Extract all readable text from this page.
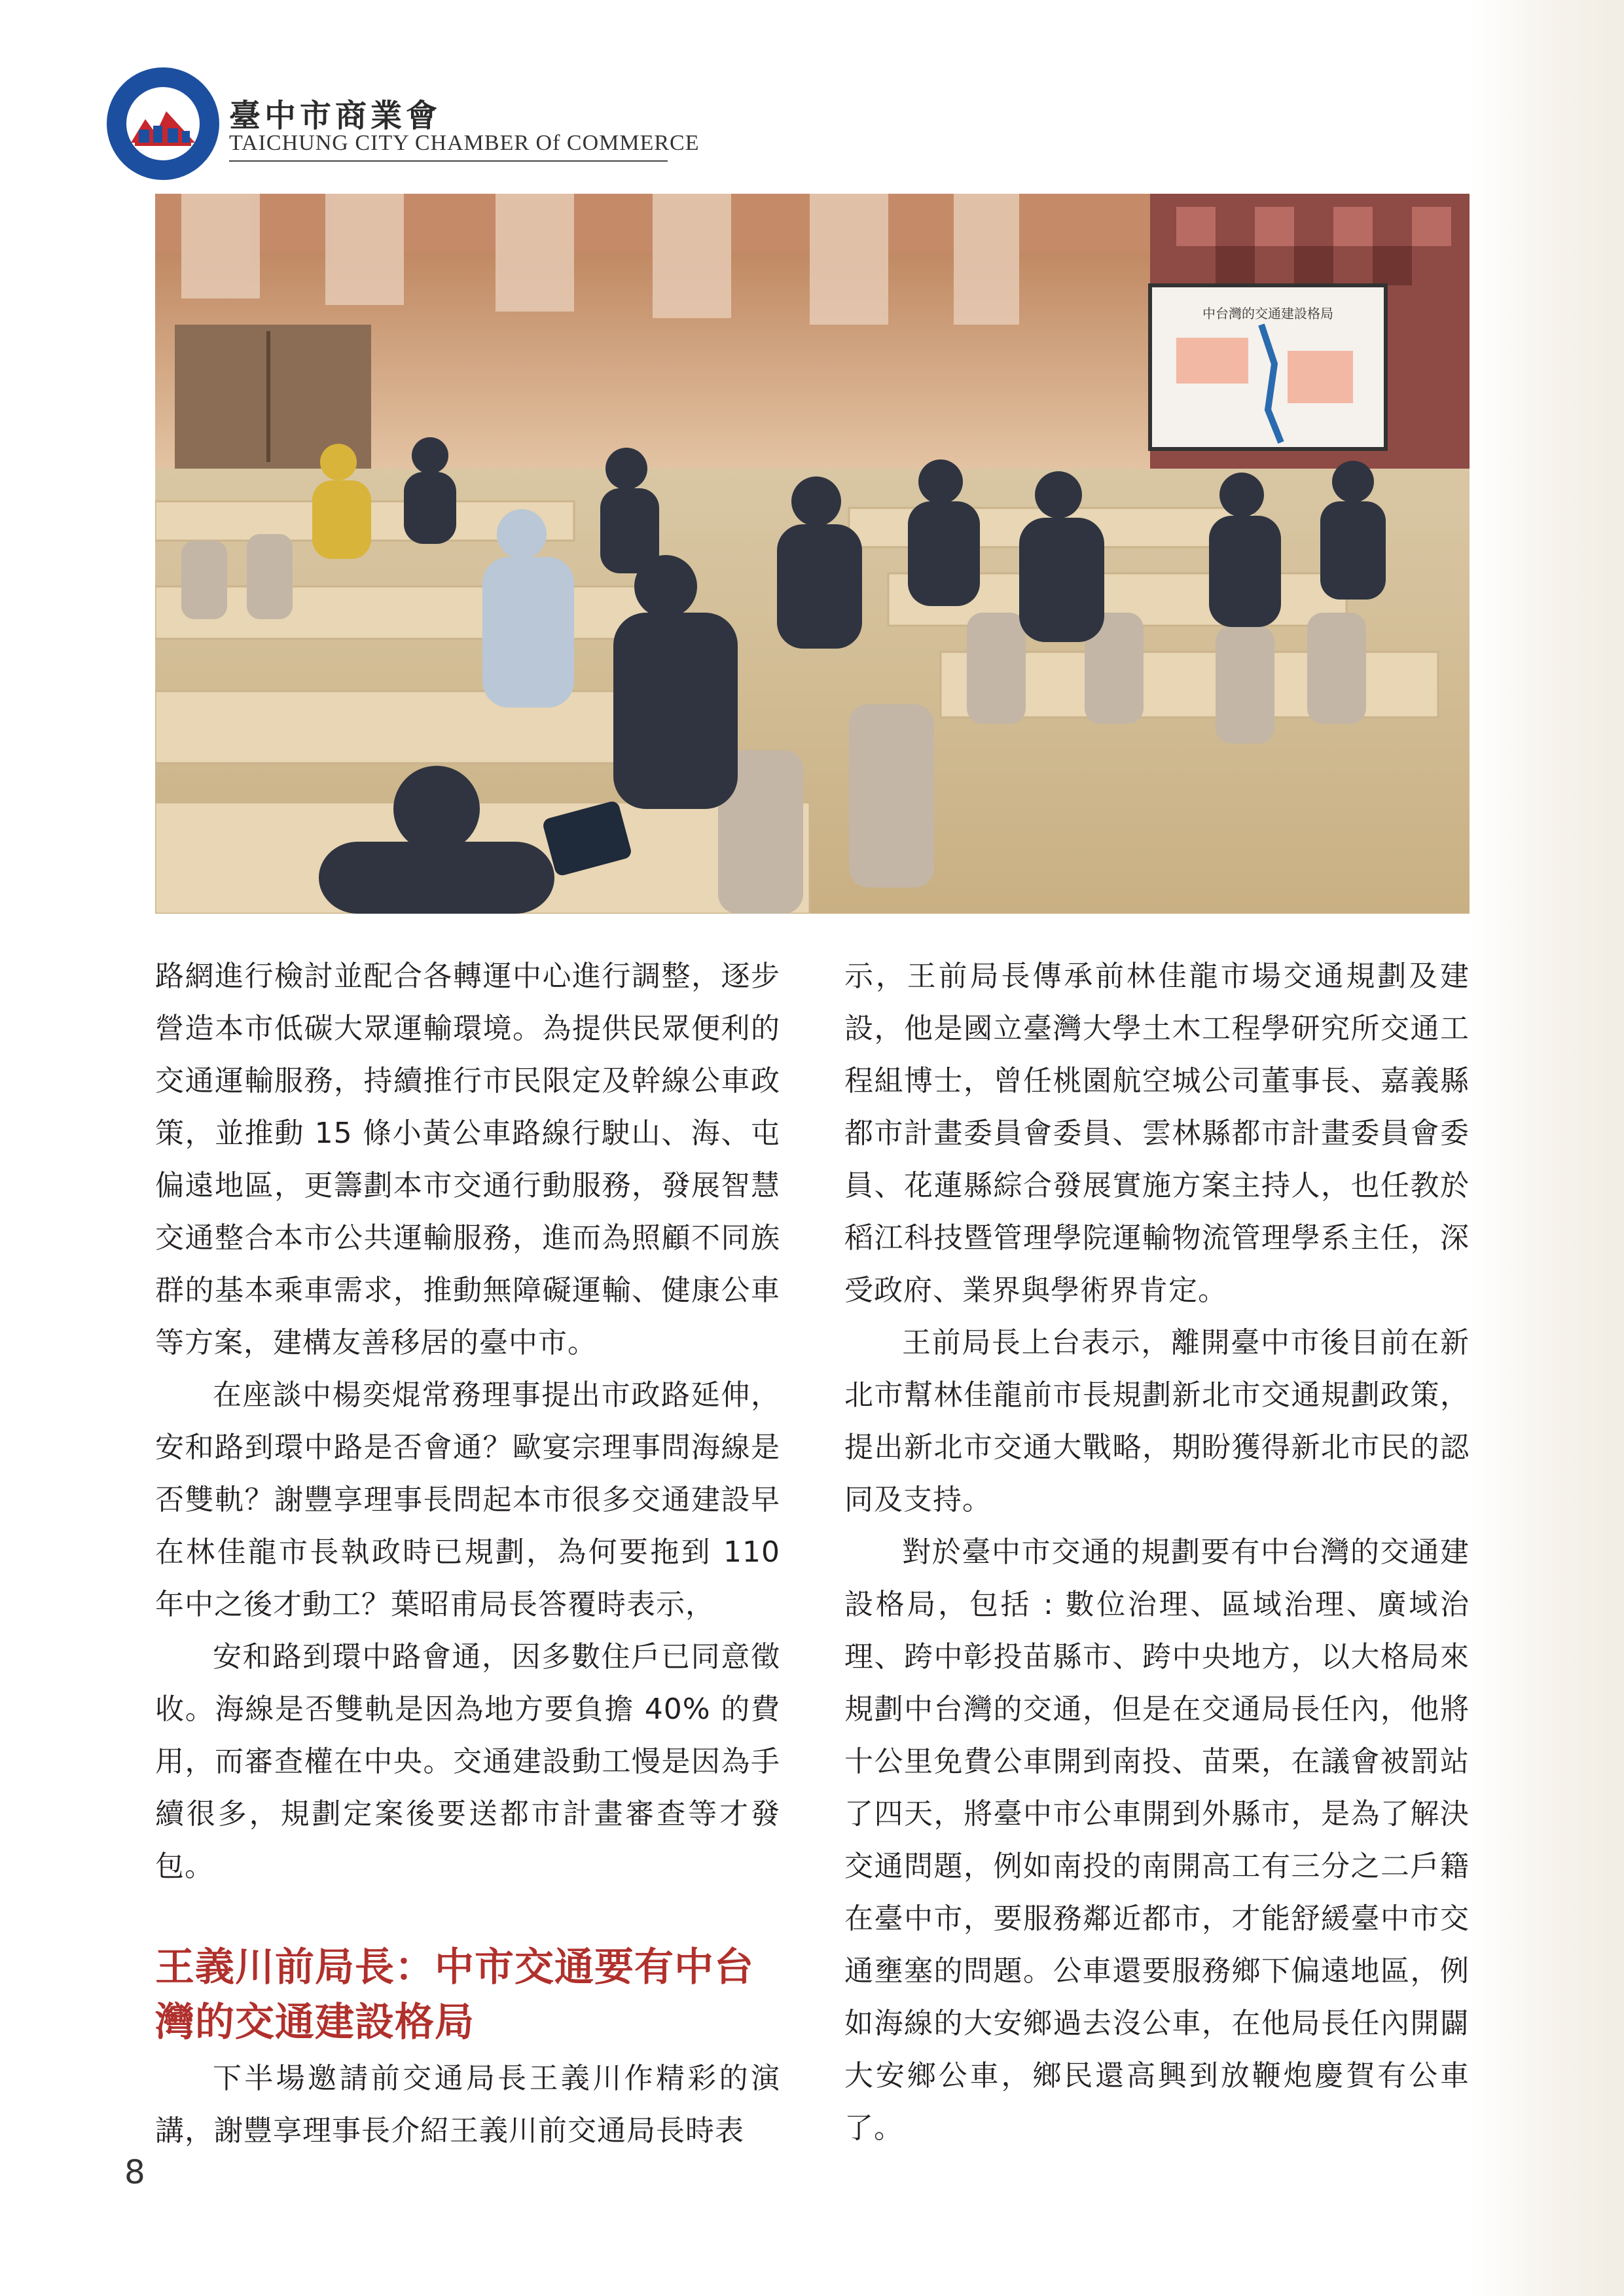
臺中市商業會
TAICHUNG CITY CHAMBER Of COMMERCE
中台灣的交通建設格局

路網進行檢討並配合各轉運中心進行調整，逐步營造本市低碳大眾運輸環境。為提供民眾便利的交通運輸服務，持續推行市民限定及幹線公車政策，並推動 15 條小黃公車路線行駛山、海、屯偏遠地區，更籌劃本市交通行動服務，發展智慧交通整合本市公共運輸服務，進而為照顧不同族群的基本乘車需求，推動無障礙運輸、健康公車等方案，建構友善移居的臺中市。

在座談中楊奕焜常務理事提出市政路延伸，安和路到環中路是否會通？歐宴宗理事問海線是否雙軌？謝豐享理事長問起本市很多交通建設早在林佳龍市長執政時已規劃，為何要拖到 110 年中之後才動工？葉昭甫局長答覆時表示，

安和路到環中路會通，因多數住戶已同意徵收。海線是否雙軌是因為地方要負擔 40% 的費用，而審查權在中央。交通建設動工慢是因為手續很多，規劃定案後要送都市計畫審查等才發包。

王義川前局長：中市交通要有中台灣的交通建設格局

下半場邀請前交通局長王義川作精彩的演講，謝豐享理事長介紹王義川前交通局長時表

示，王前局長傳承前林佳龍市場交通規劃及建設，他是國立臺灣大學土木工程學研究所交通工程組博士，曾任桃園航空城公司董事長、嘉義縣都市計畫委員會委員、雲林縣都市計畫委員會委員、花蓮縣綜合發展實施方案主持人，也任教於稻江科技暨管理學院運輸物流管理學系主任，深受政府、業界與學術界肯定。

王前局長上台表示，離開臺中市後目前在新北市幫林佳龍前市長規劃新北市交通規劃政策，提出新北市交通大戰略，期盼獲得新北市民的認同及支持。

對於臺中市交通的規劃要有中台灣的交通建設格局，包括 : 數位治理、區域治理、廣域治理、跨中彰投苗縣市、跨中央地方，以大格局來規劃中台灣的交通，但是在交通局長任內，他將十公里免費公車開到南投、苗栗，在議會被罰站了四天，將臺中市公車開到外縣市，是為了解決交通問題，例如南投的南開高工有三分之二戶籍在臺中市，要服務鄰近都市，才能舒緩臺中市交通壅塞的問題。公車還要服務鄉下偏遠地區，例如海線的大安鄉過去沒公車，在他局長任內開闢大安鄉公車，鄉民還高興到放鞭炮慶賀有公車了。

8
